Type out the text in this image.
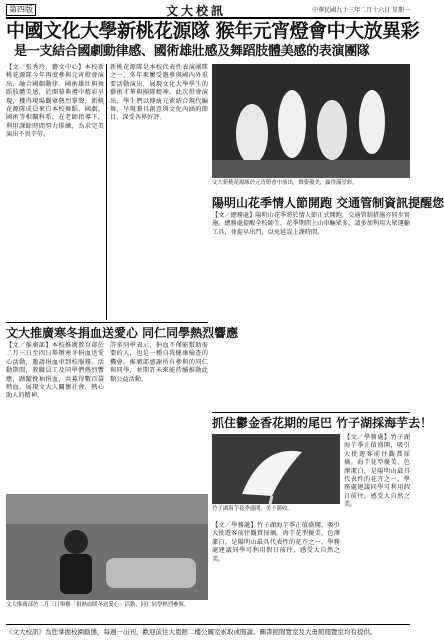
第四版	文大校訊	中華民國九十三年二月十六日 星期一
中國文化大學新桃花源隊 猴年元宵燈會中大放異彩
是一支結合國劇動律感、國術雄壯感及舞蹈肢體美感的表演團隊
【文／張秀玲、藝文中心】本校新桃花源隊今年再度參與元宵燈會演出，融合國劇動律、國術雄壯與舞蹈肢體美感，於開幕典禮中精彩呈現，獲得現場觀眾熱烈掌聲。新桃花源隊成員來自本校舞蹈、國劇、國術等相關科系，在老師指導下，利用課餘時間努力排練，為求完美演出不畏辛勞。
新桃花源隊是本校代表性表演團隊之一，多年來屢受邀參與國內外重要活動演出，展現文化大學學生的藝術才華與團隊精神。此次燈會演出，學生們以傳統元素結合現代編舞，呈現兼具創意與文化內涵的節目，深受各界好評。
文大新桃花源隊於元宵燈會中演出，舞姿優美，贏得滿堂彩。
陽明山花季情人節開跑 交通管制資訊提醒您
【文／總務處】陽明山花季將於情人節正式開跑，交通管制措施亦同步實施。總務處提醒全校師生，花季期間上山車輛眾多，請多加利用大眾運輸工具，並提早出門，以免延誤上課時間。
文大推廣寒冬捐血送愛心 同仁同學熱烈響應
【文／推廣部】本校推廣教育部於二月三日至四日舉辦寒冬捐血送愛心活動，邀請捐血車到校服務。活動期間，教職員工及同學們熱烈響應，踴躍挽袖捐血，共募得數百袋熱血，展現文大人關懷社會、熱心助人的精神。
許多同學表示，捐血不僅能幫助需要的人，也是一種自我健康檢查的機會。推廣部感謝所有參與的同仁與同學，並期許未來能持續推動此類公益活動。
文大推廣部於二月三日舉辦「捐熱血暖冬送愛心」活動，同仁同學熱烈參與。
抓住鬱金香花期的尾巴 竹子湖採海芋去！
竹子湖海芋花季盛開，美不勝收。
【文／學務處】竹子湖海芋季正值盛開，吸引大批遊客前往觀賞採摘。海芋花型優美、色澤潔白，是陽明山最具代表性的花卉之一。學務處建議同學可利用假日前往，感受大自然之美。
【文／學務處】竹子湖海芋季正值盛開，吸引大批遊客前往觀賞採摘。海芋花型優美、色澤潔白，是陽明山最具代表性的花卉之一。學務處建議同學可利用假日前往，感受大自然之美。
《文大校訊》為您掌握校園動態，每週一出刊，歡迎前往大恩館二樓公關室索取或閱讀。圖書館閱覽室及大勇館閱覽室均有提供。
